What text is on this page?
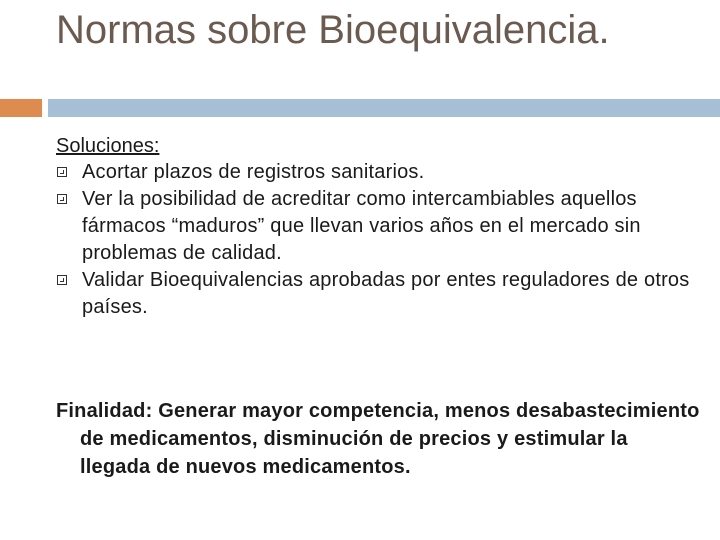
Normas sobre Bioequivalencia.
Soluciones:
Acortar plazos de registros sanitarios.
Ver la posibilidad de acreditar como intercambiables aquellos fármacos “maduros” que llevan varios años en el mercado sin problemas de calidad.
Validar Bioequivalencias aprobadas por entes reguladores de otros países.
Finalidad: Generar mayor competencia, menos desabastecimiento de medicamentos, disminución de precios y estimular la llegada de nuevos medicamentos.
